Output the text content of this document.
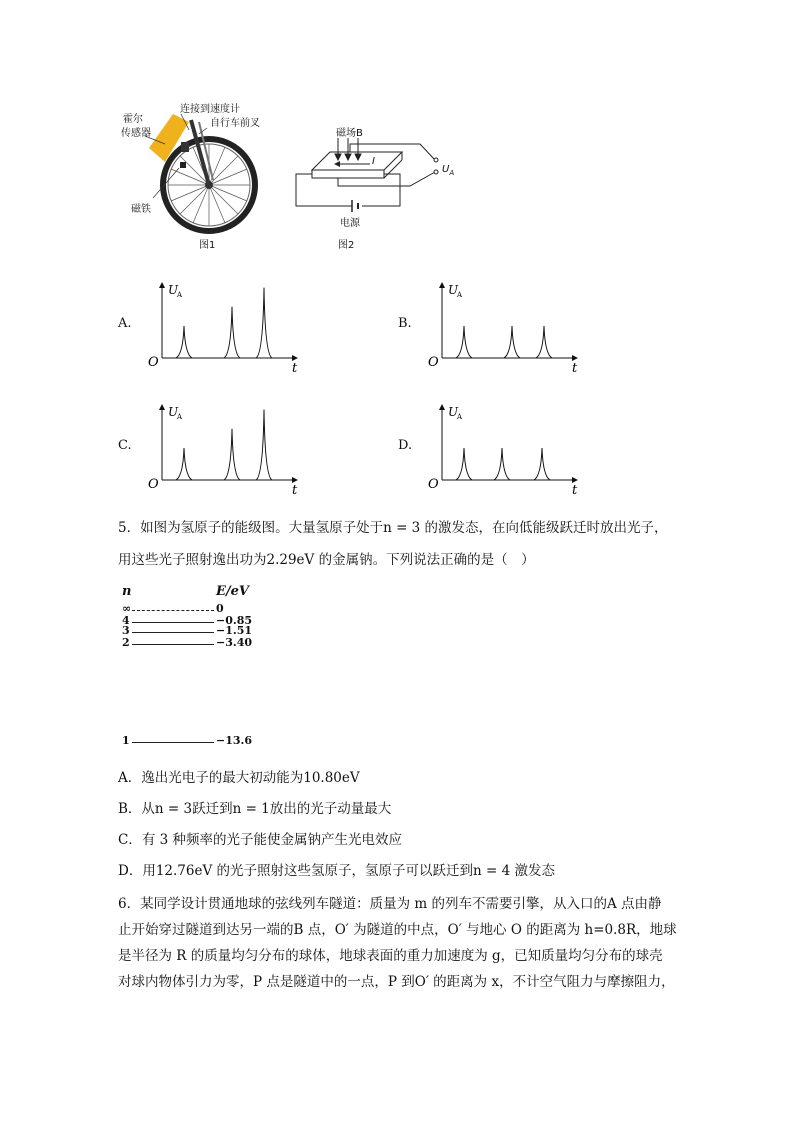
霍尔
传感器
连接到速度计
自行车前叉
磁铁
图1
磁场B
I
$U_A$
电源
图2
A.
U
A
t
O
B.
U
A
t
O
C.
U
A
t
O
D.
U
A
t
O
5．如图为氢原子的能级图。大量氢原子处于n = 3 的激发态，在向低能级跃迁时放出光子，
用这些光子照射逸出功为2.29eV 的金属钠。下列说法正确的是（　）
n	E/eV
∞	0
4	−0.85
3	−1.51
2	−3.40
1	−13.6
A．逸出光电子的最大初动能为10.80eV
B．从n = 3跃迁到n = 1放出的光子动量最大
C．有 3 种频率的光子能使金属钠产生光电效应
D．用12.76eV 的光子照射这些氢原子，氢原子可以跃迁到n = 4 激发态
6．某同学设计贯通地球的弦线列车隧道：质量为 m 的列车不需要引擎，从入口的A 点由静
止开始穿过隧道到达另一端的B 点，O′ 为隧道的中点，O′ 与地心 O 的距离为 h=0.8R，地球
是半径为 R 的质量均匀分布的球体，地球表面的重力加速度为 g，已知质量均匀分布的球壳
对球内物体引力为零，P 点是隧道中的一点，P 到O′ 的距离为 x，不计空气阻力与摩擦阻力，
